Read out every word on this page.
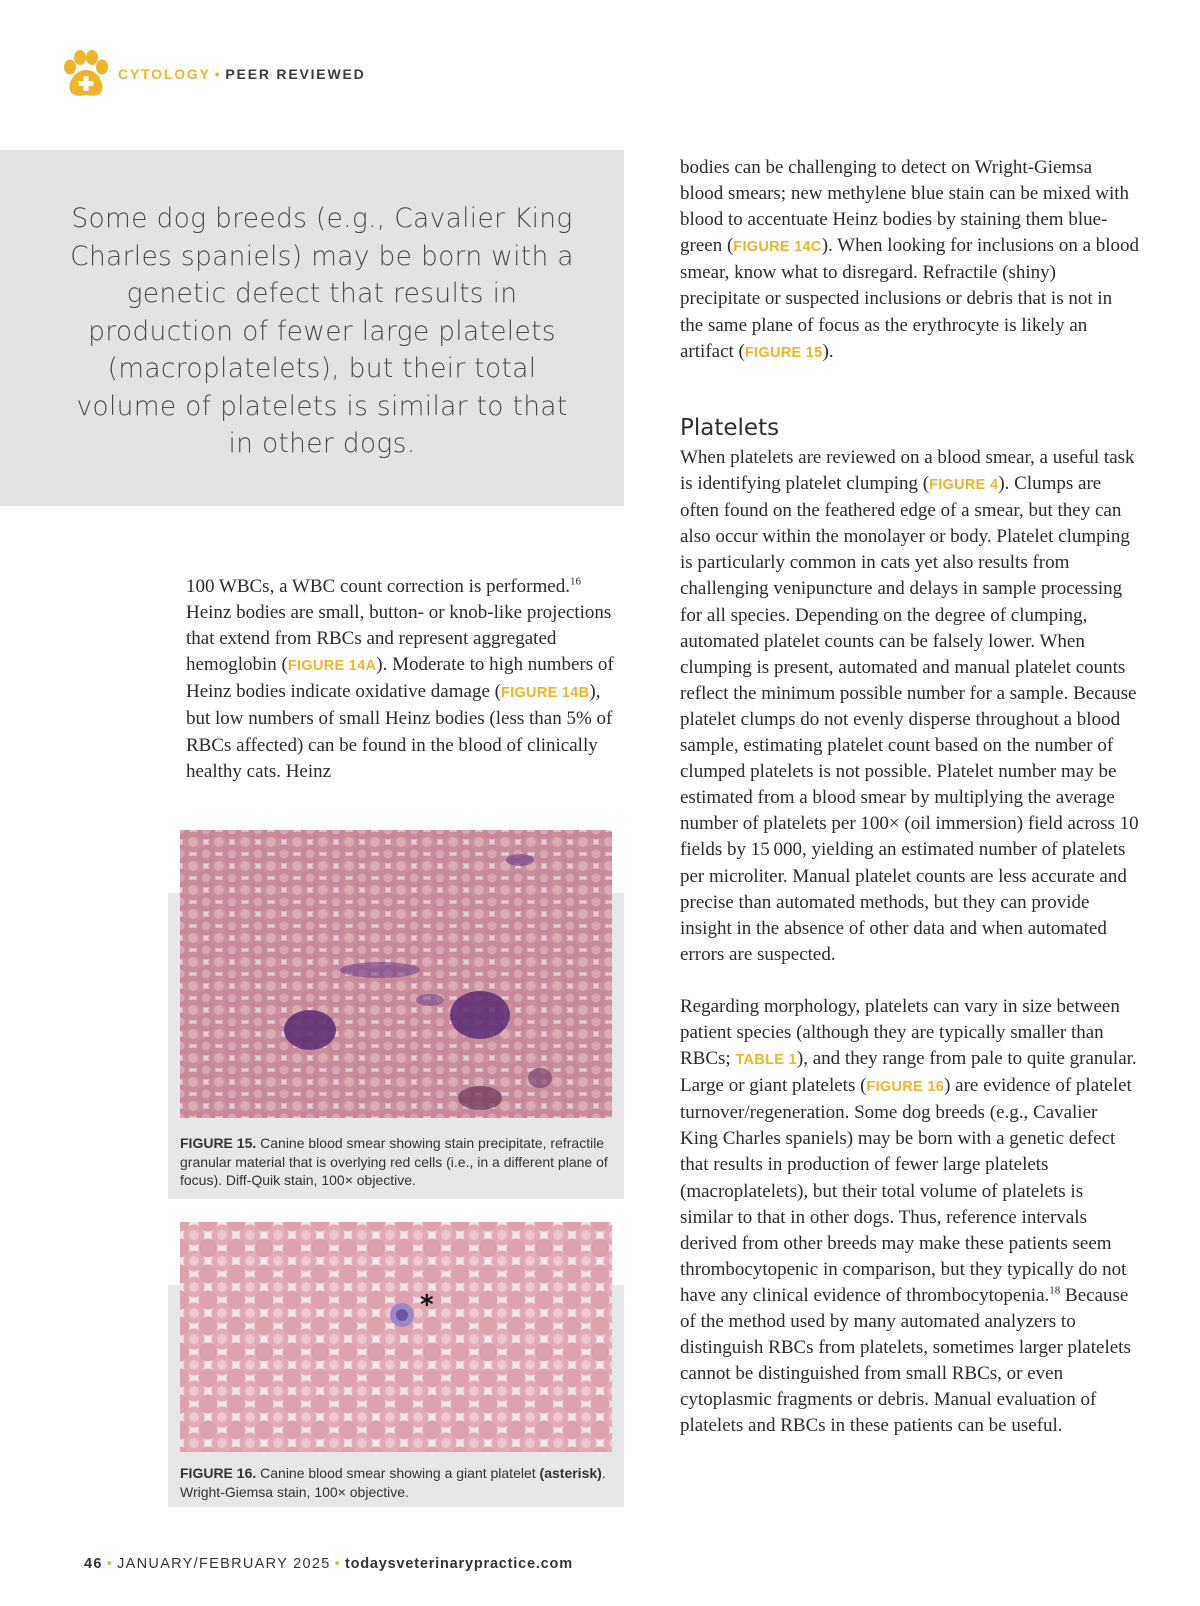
CYTOLOGY • PEER REVIEWED
Some dog breeds (e.g., Cavalier King Charles spaniels) may be born with a genetic defect that results in production of fewer large platelets (macroplatelets), but their total volume of platelets is similar to that in other dogs.

100 WBCs, a WBC count correction is performed.$^{16}$ Heinz bodies are small, button- or knob-like projections that extend from RBCs and represent aggregated hemoglobin (FIGURE 14A). Moderate to high numbers of Heinz bodies indicate oxidative damage (FIGURE 14B), but low numbers of small Heinz bodies (less than 5% of RBCs affected) can be found in the blood of clinically healthy cats. Heinz

FIGURE 15. Canine blood smear showing stain precipitate, refractile granular material that is overlying red cells (i.e., in a different plane of focus). Diff-Quik stain, 100× objective.
*
FIGURE 16. Canine blood smear showing a giant platelet (asterisk). Wright-Giemsa stain, 100× objective.

bodies can be challenging to detect on Wright-Giemsa blood smears; new methylene blue stain can be mixed with blood to accentuate Heinz bodies by staining them blue-green (FIGURE 14C). When looking for inclusions on a blood smear, know what to disregard. Refractile (shiny) precipitate or suspected inclusions or debris that is not in the same plane of focus as the erythrocyte is likely an artifact (FIGURE 15).

Platelets

When platelets are reviewed on a blood smear, a useful task is identifying platelet clumping (FIGURE 4). Clumps are often found on the feathered edge of a smear, but they can also occur within the monolayer or body. Platelet clumping is particularly common in cats yet also results from challenging venipuncture and delays in sample processing for all species. Depending on the degree of clumping, automated platelet counts can be falsely lower. When clumping is present, automated and manual platelet counts reflect the minimum possible number for a sample. Because platelet clumps do not evenly disperse throughout a blood sample, estimating platelet count based on the number of clumped platelets is not possible. Platelet number may be estimated from a blood smear by multiplying the average number of platelets per 100× (oil immersion) field across 10 fields by 15 000, yielding an estimated number of platelets per microliter. Manual platelet counts are less accurate and precise than automated methods, but they can provide insight in the absence of other data and when automated errors are suspected.

Regarding morphology, platelets can vary in size between patient species (although they are typically smaller than RBCs; TABLE 1), and they range from pale to quite granular. Large or giant platelets (FIGURE 16) are evidence of platelet turnover/regeneration. Some dog breeds (e.g., Cavalier King Charles spaniels) may be born with a genetic defect that results in production of fewer large platelets (macroplatelets), but their total volume of platelets is similar to that in other dogs. Thus, reference intervals derived from other breeds may make these patients seem thrombocytopenic in comparison, but they typically do not have any clinical evidence of thrombocytopenia.$^{18}$ Because of the method used by many automated analyzers to distinguish RBCs from platelets, sometimes larger platelets cannot be distinguished from small RBCs, or even cytoplasmic fragments or debris. Manual evaluation of platelets and RBCs in these patients can be useful.

46 • JANUARY/FEBRUARY 2025 • todaysveterinarypractice.com
